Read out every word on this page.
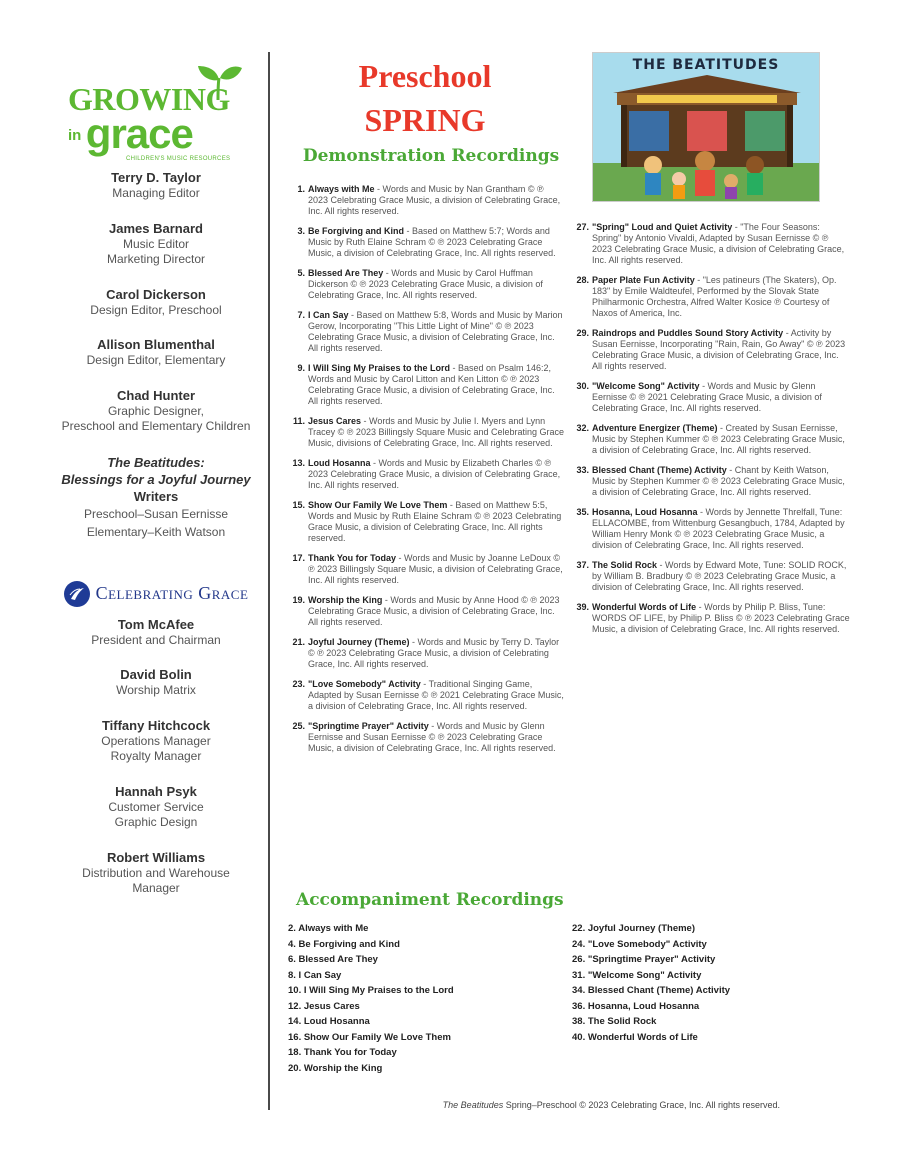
GROWING
in grace
CHILDREN'S MUSIC RESOURCES
Terry D. Taylor
Managing Editor
James Barnard
Music Editor
Marketing Director
Carol Dickerson
Design Editor, Preschool
Allison Blumenthal
Design Editor, Elementary
Chad Hunter
Graphic Designer,
Preschool and Elementary Children
The Beatitudes:
Blessings for a Joyful Journey
Writers
Preschool–Susan Eernisse
Elementary–Keith Watson
Celebrating Grace
Tom McAfee
President and Chairman
David Bolin
Worship Matrix
Tiffany Hitchcock
Operations Manager
Royalty Manager
Hannah Psyk
Customer Service
Graphic Design
Robert Williams
Distribution and Warehouse
Manager
Preschool
SPRING
Demonstration Recordings
THE BEATITUDES
1. Always with Me - Words and Music by Nan Grantham © ℗ 2023 Celebrating Grace Music, a division of Celebrating Grace, Inc. All rights reserved.
3. Be Forgiving and Kind - Based on Matthew 5:7; Words and Music by Ruth Elaine Schram © ℗ 2023 Celebrating Grace Music, a division of Celebrating Grace, Inc. All rights reserved.
5. Blessed Are They - Words and Music by Carol Huffman Dickerson © ℗ 2023 Celebrating Grace Music, a division of Celebrating Grace, Inc. All rights reserved.
7. I Can Say - Based on Matthew 5:8, Words and Music by Marion Gerow, Incorporating "This Little Light of Mine" © ℗ 2023 Celebrating Grace Music, a division of Celebrating Grace, Inc. All rights reserved.
9. I Will Sing My Praises to the Lord - Based on Psalm 146:2, Words and Music by Carol Litton and Ken Litton © ℗ 2023 Celebrating Grace Music, a division of Celebrating Grace, Inc. All rights reserved.
11. Jesus Cares - Words and Music by Julie I. Myers and Lynn Tracey © ℗ 2023 Billingsly Square Music and Celebrating Grace Music, divisions of Celebrating Grace, Inc. All rights reserved.
13. Loud Hosanna - Words and Music by Elizabeth Charles © ℗ 2023 Celebrating Grace Music, a division of Celebrating Grace, Inc. All rights reserved.
15. Show Our Family We Love Them - Based on Matthew 5:5, Words and Music by Ruth Elaine Schram © ℗ 2023 Celebrating Grace Music, a division of Celebrating Grace, Inc. All rights reserved.
17. Thank You for Today - Words and Music by Joanne LeDoux © ℗ 2023 Billingsly Square Music, a division of Celebrating Grace, Inc. All rights reserved.
19. Worship the King - Words and Music by Anne Hood © ℗ 2023 Celebrating Grace Music, a division of Celebrating Grace, Inc. All rights reserved.
21. Joyful Journey (Theme) - Words and Music by Terry D. Taylor © ℗ 2023 Celebrating Grace Music, a division of Celebrating Grace, Inc. All rights reserved.
23. "Love Somebody" Activity - Traditional Singing Game, Adapted by Susan Eernisse © ℗ 2021 Celebrating Grace Music, a division of Celebrating Grace, Inc. All rights reserved.
25. "Springtime Prayer" Activity - Words and Music by Glenn Eernisse and Susan Eernisse © ℗ 2023 Celebrating Grace Music, a division of Celebrating Grace, Inc. All rights reserved.
27. "Spring" Loud and Quiet Activity - "The Four Seasons: Spring" by Antonio Vivaldi, Adapted by Susan Eernisse © ℗ 2023 Celebrating Grace Music, a division of Celebrating Grace, Inc. All rights reserved.
28. Paper Plate Fun Activity - "Les patineurs (The Skaters), Op. 183" by Emile Waldteufel, Performed by the Slovak State Philharmonic Orchestra, Alfred Walter Kosice ℗ Courtesy of Naxos of America, Inc.
29. Raindrops and Puddles Sound Story Activity - Activity by Susan Eernisse, Incorporating "Rain, Rain, Go Away" © ℗ 2023 Celebrating Grace Music, a division of Celebrating Grace, Inc. All rights reserved.
30. "Welcome Song" Activity - Words and Music by Glenn Eernisse © ℗ 2021 Celebrating Grace Music, a division of Celebrating Grace, Inc. All rights reserved.
32. Adventure Energizer (Theme) - Created by Susan Eernisse, Music by Stephen Kummer © ℗ 2023 Celebrating Grace Music, a division of Celebrating Grace, Inc. All rights reserved.
33. Blessed Chant (Theme) Activity - Chant by Keith Watson, Music by Stephen Kummer © ℗ 2023 Celebrating Grace Music, a division of Celebrating Grace, Inc. All rights reserved.
35. Hosanna, Loud Hosanna - Words by Jennette Threlfall, Tune: ELLACOMBE, from Wittenburg Gesangbuch, 1784, Adapted by William Henry Monk © ℗ 2023 Celebrating Grace Music, a division of Celebrating Grace, Inc. All rights reserved.
37. The Solid Rock - Words by Edward Mote, Tune: SOLID ROCK, by William B. Bradbury © ℗ 2023 Celebrating Grace Music, a division of Celebrating Grace, Inc. All rights reserved.
39. Wonderful Words of Life - Words by Philip P. Bliss, Tune: WORDS OF LIFE, by Philip P. Bliss © ℗ 2023 Celebrating Grace Music, a division of Celebrating Grace, Inc. All rights reserved.
Accompaniment Recordings
2. Always with Me
4. Be Forgiving and Kind
6. Blessed Are They
8. I Can Say
10. I Will Sing My Praises to the Lord
12. Jesus Cares
14. Loud Hosanna
16. Show Our Family We Love Them
18. Thank You for Today
20. Worship the King
22. Joyful Journey (Theme)
24. "Love Somebody" Activity
26. "Springtime Prayer" Activity
31. "Welcome Song" Activity
34. Blessed Chant (Theme) Activity
36. Hosanna, Loud Hosanna
38. The Solid Rock
40. Wonderful Words of Life
The Beatitudes Spring–Preschool © 2023 Celebrating Grace, Inc. All rights reserved.
